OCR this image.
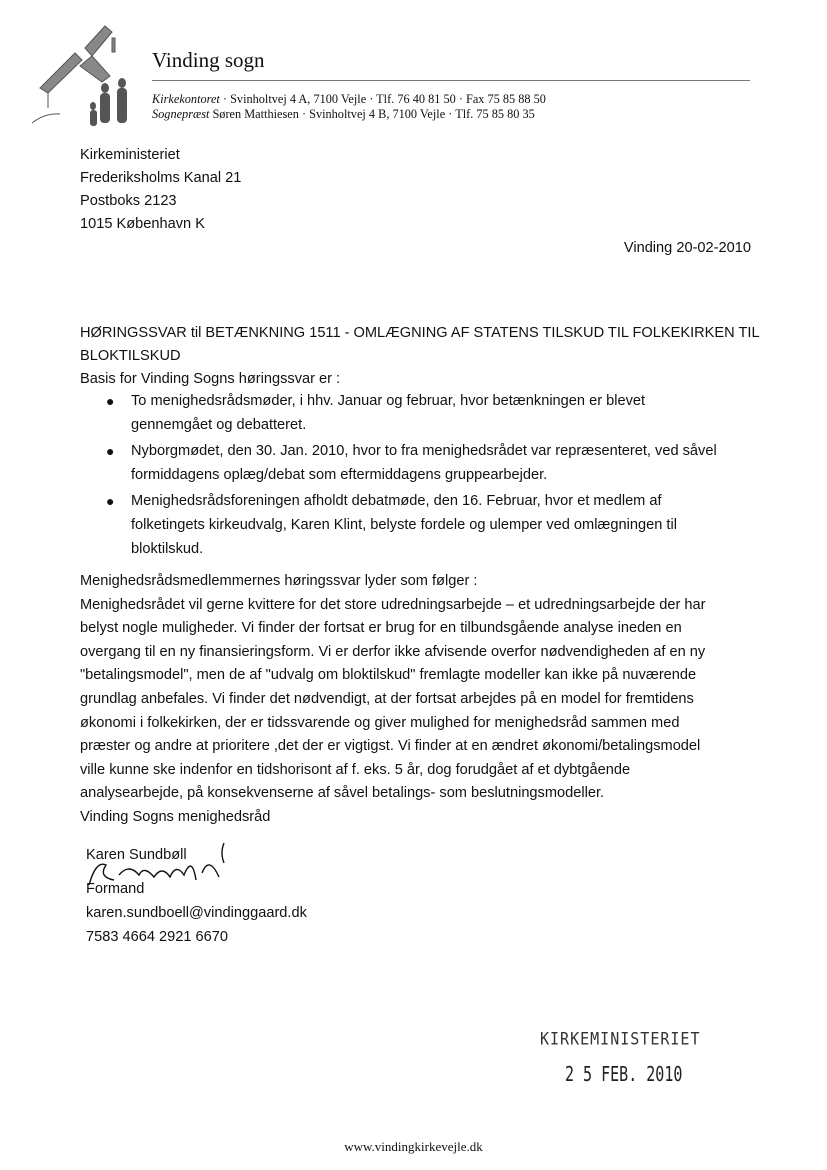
Vinding sogn
Kirkekontoret · Svinholtvej 4 A, 7100 Vejle · Tlf. 76 40 81 50 · Fax 75 85 88 50
Sognepræst Søren Matthiesen · Svinholtvej 4 B, 7100 Vejle · Tlf. 75 85 80 35
Kirkeministeriet
Frederiksholms Kanal 21
Postboks 2123
1015 København K
Vinding 20-02-2010
HØRINGSSVAR til BETÆNKNING 1511 - OMLÆGNING AF STATENS TILSKUD TIL FOLKEKIRKEN TIL
BLOKTILSKUD
Basis for Vinding Sogns høringssvar er :
● To menighedsrådsmøder, i hhv. Januar og februar, hvor betænkningen er blevet
gennemgået og debatteret.
● Nyborgmødet, den 30. Jan. 2010, hvor to fra menighedsrådet var repræsenteret, ved såvel
formiddagens oplæg/debat som eftermiddagens gruppearbejder.
● Menighedsrådsforeningen afholdt debatmøde, den 16. Februar, hvor et medlem af
folketingets kirkeudvalg, Karen Klint, belyste fordele og ulemper ved omlægningen til
bloktilskud.
Menighedsrådsmedlemmernes høringssvar lyder som følger :
Menighedsrådet vil gerne kvittere for det store udredningsarbejde – et udredningsarbejde der har
belyst nogle muligheder. Vi finder der fortsat er brug for en tilbundsgående analyse ineden en
overgang til en ny finansieringsform. Vi er derfor ikke afvisende overfor nødvendigheden af en ny
"betalingsmodel", men de af "udvalg om bloktilskud" fremlagte modeller kan ikke på nuværende
grundlag anbefales. Vi finder det nødvendigt, at der fortsat arbejdes på en model for fremtidens
økonomi i folkekirken, der er tidssvarende og giver mulighed for menighedsråd sammen med
præster og andre at prioritere ,det der er vigtigst. Vi finder at en ændret økonomi/betalingsmodel
ville kunne ske indenfor en tidshorisont af f. eks. 5 år, dog forudgået af et dybtgående
analysearbejde, på konsekvenserne af såvel betalings- som beslutningsmodeller.
Vinding Sogns menighedsråd
Karen Sundbøll
Formand
karen.sundboell@vindinggaard.dk
7583 4664 2921 6670
KIRKEMINISTERIET
2 5 FEB. 2010
www.vindingkirkevejle.dk
